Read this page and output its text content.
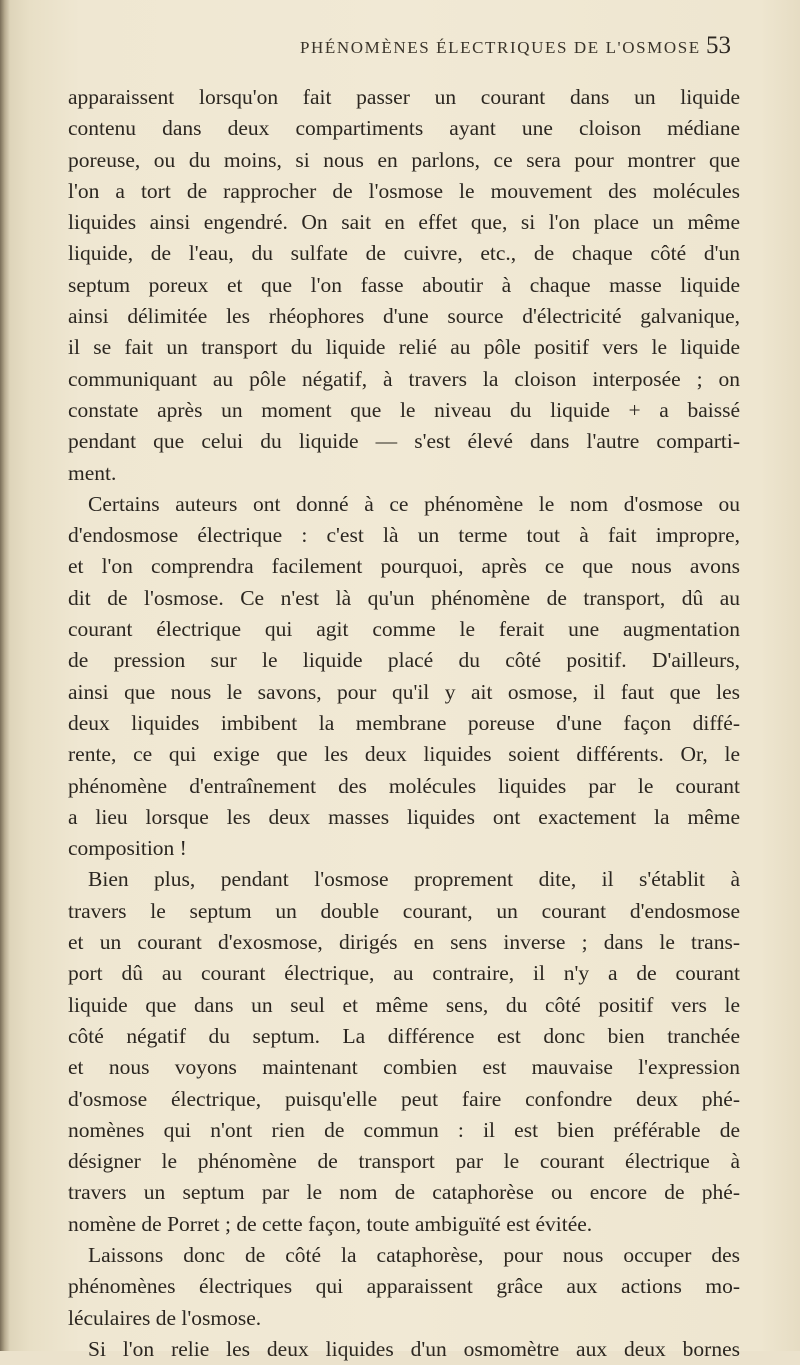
PHÉNOMÈNES ÉLECTRIQUES DE L'OSMOSE 53
apparaissent lorsqu'on fait passer un courant dans un liquide
contenu dans deux compartiments ayant une cloison médiane
poreuse, ou du moins, si nous en parlons, ce sera pour montrer que
l'on a tort de rapprocher de l'osmose le mouvement des molécules
liquides ainsi engendré. On sait en effet que, si l'on place un même
liquide, de l'eau, du sulfate de cuivre, etc., de chaque côté d'un
septum poreux et que l'on fasse aboutir à chaque masse liquide
ainsi délimitée les rhéophores d'une source d'électricité galvanique,
il se fait un transport du liquide relié au pôle positif vers le liquide
communiquant au pôle négatif, à travers la cloison interposée ; on
constate après un moment que le niveau du liquide + a baissé
pendant que celui du liquide — s'est élevé dans l'autre comparti-
ment.
Certains auteurs ont donné à ce phénomène le nom d'osmose ou
d'endosmose électrique : c'est là un terme tout à fait impropre,
et l'on comprendra facilement pourquoi, après ce que nous avons
dit de l'osmose. Ce n'est là qu'un phénomène de transport, dû au
courant électrique qui agit comme le ferait une augmentation
de pression sur le liquide placé du côté positif. D'ailleurs,
ainsi que nous le savons, pour qu'il y ait osmose, il faut que les
deux liquides imbibent la membrane poreuse d'une façon diffé-
rente, ce qui exige que les deux liquides soient différents. Or, le
phénomène d'entraînement des molécules liquides par le courant
a lieu lorsque les deux masses liquides ont exactement la même
composition !
Bien plus, pendant l'osmose proprement dite, il s'établit à
travers le septum un double courant, un courant d'endosmose
et un courant d'exosmose, dirigés en sens inverse ; dans le trans-
port dû au courant électrique, au contraire, il n'y a de courant
liquide que dans un seul et même sens, du côté positif vers le
côté négatif du septum. La différence est donc bien tranchée
et nous voyons maintenant combien est mauvaise l'expression
d'osmose électrique, puisqu'elle peut faire confondre deux phé-
nomènes qui n'ont rien de commun : il est bien préférable de
désigner le phénomène de transport par le courant électrique à
travers un septum par le nom de cataphorèse ou encore de phé-
nomène de Porret ; de cette façon, toute ambiguïté est évitée.
Laissons donc de côté la cataphorèse, pour nous occuper des
phénomènes électriques qui apparaissent grâce aux actions mo-
léculaires de l'osmose.
Si l'on relie les deux liquides d'un osmomètre aux deux bornes
